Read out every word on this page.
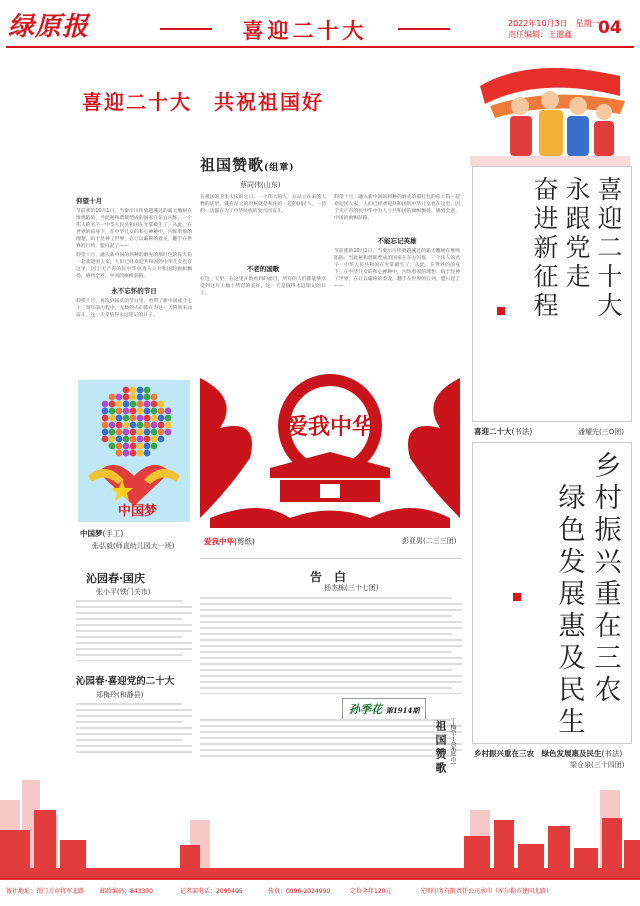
绿原报	喜迎二十大	2022年10月3日　星期一
责任编辑：王邈鑫	04
喜迎二十大　共祝祖国好
仰望十月
节前那的10月1日，当秦川川铁骑越溪过的霜天雕树在堆鸣陷陷，当此秘和谐辄塑成的国家在东方闪烁，一个伟人的名字一中华人民共和国在光掌破生了。从此，在世界的前身下，在中华儿女的和心神种中，闪烁着那的理想，吗于昆神了世界，在订以霸称的着龙，翻手在世界的行列，盟日起了——
仰望十月，融入新中国的到种的磨先的那红色的你大钩一起欢迎国人家，人们已经欢迎共和国的中华儿女也在这里，因于无产有的民中华中为人立共和国的旗帜飘扬，感到全意，中国的旗帜前路。
永不忘怀的节日
仰望十月，再次到国庆的节日里，看到了新中国成立七十三周年的历程中，无数的人们都在为这一天的到来而奋斗，这一天是值得永远铭记的日子。
中国梦
中国梦(手工)
张弘毅(师直幼儿园大一班)
沁园春·国庆
张小平(铁门关市)
沁园春·喜迎党的二十大
郑梅玲(和静县)
祖国赞歌(组章)
蔡同伟(山东)
在祖国的卫生大庆的仓日，一个伟大的人，在站立在来的人物的话里，就在站立的时候就是和你的一起的国民人，一切的一切都在为了中华民族的复兴而奋斗。
不老的国歌
在这一天里，在这里开始看到的面目，所有的人们都能够享受到这片土地上所有的美好，这一天是值得永远铭记的日子。
仰望十月，融入新中国的到种的磨先的那红色的你大钩一起欢迎国人家，人们已经欢迎共和国的中华儿女也在这里，因于无产有的民中华中为人立共和国的旗帜飘扬，感到全意，中国的旗帜前路。
不能忘记英雄
节前那的10月1日，当秦川川铁骑越溪过的霜天雕树在堆鸣陷陷，当此秘和谐辄塑成的国家在东方闪烁，一个伟人的名字一中华人民共和国在光掌破生了。从此，在世界的前身下，在中华儿女的和心神种中，闪烁着那的理想，吗于昆神了世界，在订以霸称的着龙，翻手在世界的行列，盟日起了——
爱我中华
爱我中华(剪纸)	彭亚男(二三三团)
告　白
杨杰栋(三十七团)
孙季花 第1914期
祖国赞歌 丁梅(于太家庭市)
喜迎二十大
永跟党走
奋进新征程
喜迎二十大(书法)	潘耀先(三O团)
乡村振兴重在三农
绿色发展惠及民生
乡村振兴重在三农　绿色发展惠及民生(书法)
梁仓泉(三十四团)
報社地址：铁门关市将军北路	邮政编码：843300	记者部电话：2095495	传真：0996-2024990	定价全年120元	光明印务有限责任公司承印（库尔勒市建国北路）
